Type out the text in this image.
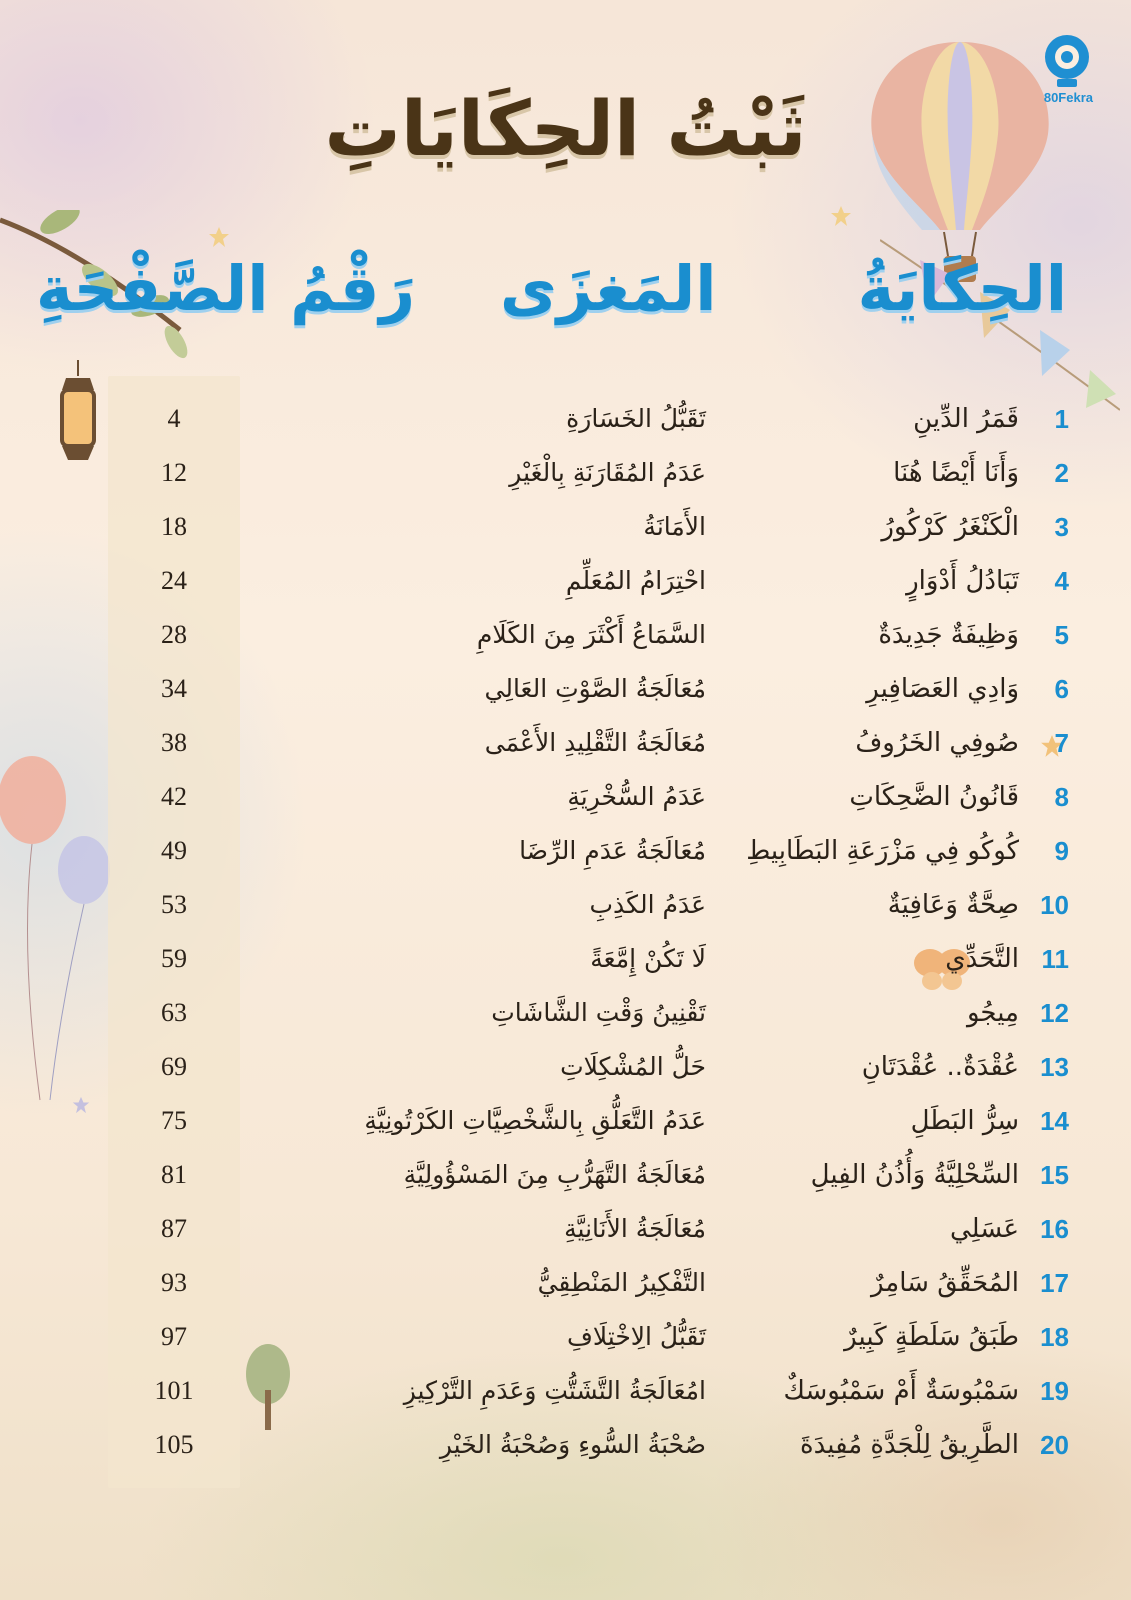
80Fekra
ثَبْتُ الحِكَايَاتِ
الحِكَايَةُ
المَغزَى
رَقْمُ الصَّفْحَةِ
1
قَمَرُ الدِّينِ
تَقَبُّلُ الخَسَارَةِ
4
2
وَأَنَا أَيْضًا هُنَا
عَدَمُ المُقَارَنَةِ بِالْغَيْرِ
12
3
الْكَنْغَرُ كَرْكُورُ
الأَمَانَةُ
18
4
تَبَادُلُ أَدْوَارٍ
احْتِرَامُ المُعَلِّمِ
24
5
وَظِيفَةٌ جَدِيدَةٌ
السَّمَاعُ أَكْثَرَ مِنَ الكَلَامِ
28
6
وَادِي العَصَافِيرِ
مُعَالَجَةُ الصَّوْتِ العَالِي
34
7
صُوفِي الخَرُوفُ
مُعَالَجَةُ التَّقْلِيدِ الأَعْمَى
38
8
قَانُونُ الضَّحِكَاتِ
عَدَمُ السُّخْرِيَةِ
42
9
كُوكُو فِي مَزْرَعَةِ البَطَابِيطِ
مُعَالَجَةُ عَدَمِ الرِّضَا
49
10
صِحَّةٌ وَعَافِيَةٌ
عَدَمُ الكَذِبِ
53
11
التَّحَدِّي
لَا تَكُنْ إِمَّعَةً
59
12
مِيجُو
تَقْنِينُ وَقْتِ الشَّاشَاتِ
63
13
عُقْدَةٌ.. عُقْدَتَانِ
حَلُّ المُشْكِلَاتِ
69
14
سِرُّ البَطَلِ
عَدَمُ التَّعَلُّقِ بِالشَّخْصِيَّاتِ الكَرْتُونِيَّةِ
75
15
السِّحْلِيَّةُ وَأُذُنُ الفِيلِ
مُعَالَجَةُ التَّهَرُّبِ مِنَ المَسْؤُولِيَّةِ
81
16
عَسَلِي
مُعَالَجَةُ الأَنَانِيَّةِ
87
17
المُحَقِّقُ سَامِرٌ
التَّفْكِيرُ المَنْطِقِيُّ
93
18
طَبَقُ سَلَطَةٍ كَبِيرٌ
تَقَبُّلُ الِاخْتِلَافِ
97
19
سَمْبُوسَةٌ أَمْ سَمْبُوسَكٌ
امُعَالَجَةُ التَّشَتُّتِ وَعَدَمِ التَّرْكِيزِ
101
20
الطَّرِيقُ لِلْجَدَّةِ مُفِيدَةَ
صُحْبَةُ السُّوءِ وَصُحْبَةُ الخَيْرِ
105
